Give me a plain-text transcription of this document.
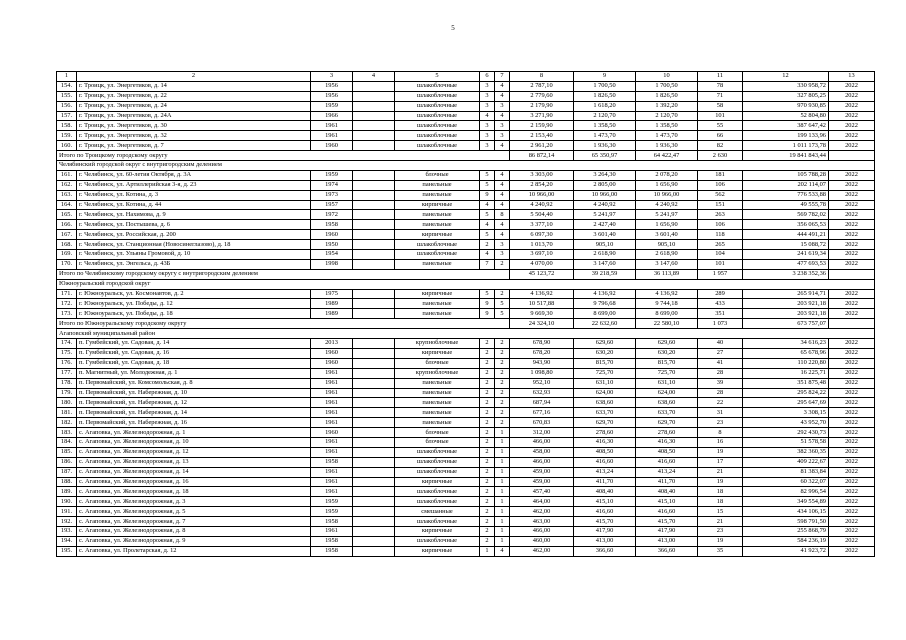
5
1	2	3	4	5	6	7	8	9	10	11	12	13
154.	г. Троицк, ул. Энергетиков, д. 14	1956		шлакоблочные	3	4	2 787,10	1 700,50	1 700,50	78	330 958,72	2022
155.	г. Троицк, ул. Энергетиков, д. 22	1956		шлакоблочные	3	4	2 779,60	1 826,50	1 826,50	71	327 805,25	2022
156.	г. Троицк, ул. Энергетиков, д. 24	1959		шлакоблочные	3	3	2 179,90	1 618,20	1 392,20	58	970 930,85	2022
157.	г. Троицк, ул. Энергетиков, д. 24А	1966		шлакоблочные	4	4	3 271,90	2 120,70	2 120,70	101	52 804,80	2022
158.	г. Троицк, ул. Энергетиков, д. 30	1961		шлакоблочные	3	3	2 159,90	1 358,50	1 358,50	55	387 647,42	2022
159.	г. Троицк, ул. Энергетиков, д. 32	1961		шлакоблочные	3	3	2 153,40	1 473,70	1 473,70	66	199 133,96	2022
160.	г. Троицк, ул. Энергетиков, д. 7	1960		шлакоблочные	3	4	2 961,20	1 936,30	1 936,30	82	1 011 173,78	2022
Итого по Троицкому городскому округу							86 872,14	65 350,97	64 422,47	2 630	19 841 843,44	
Челябинский городской округ с внутригородским делением												
161.	г. Челябинск, ул. 60-летия Октября, д. 3А	1959		блочные	5	4	3 303,00	3 264,30	2 078,20	181	105 788,28	2022
162.	г. Челябинск, ул. Артиллерийская 3-я, д. 23	1974		панельные	5	4	2 854,20	2 805,00	1 656,90	106	202 114,07	2022
163.	г. Челябинск, ул. Котина, д. 3	1973		панельные	9	4	10 966,00	10 966,00	10 966,00	562	776 533,88	2022
164.	г. Челябинск, ул. Котина, д. 44	1957		кирпичные	4	4	4 240,92	4 240,92	4 240,92	151	49 555,78	2022
165.	г. Челябинск, ул. Нахимова, д. 9	1972		панельные	5	8	5 504,40	5 241,97	5 241,97	263	569 782,02	2022
166.	г. Челябинск, ул. Постышева, д. 6	1958		панельные	4	4	3 377,10	2 427,40	1 656,90	106	356 065,53	2022
167.	г. Челябинск, ул. Российская, д. 200	1960		кирпичные	5	4	6 097,30	3 601,40	3 601,40	118	444 491,21	2022
168.	г. Челябинск, ул. Станционная (Новосинеглазово), д. 18	1950		шлакоблочные	2	3	1 013,70	905,10	905,10	265	15 088,72	2022
169.	г. Челябинск, ул. Ульяны Громовой, д. 10	1954		шлакоблочные	4	3	3 697,10	2 618,90	2 618,90	104	241 619,34	2022
170.	г. Челябинск, ул. Энгельса, д. 43Б	1998		панельные	7	2	4 070,00	3 147,60	3 147,60	101	477 693,53	2022
Итого по Челябинскому городскому округу с внутригородским делением							45 123,72	39 218,59	36 113,89	1 957	3 238 352,36	
Южноуральский городской округ												
171.	г. Южноуральск, ул. Космонавтов, д. 2	1975		кирпичные	5	2	4 136,92	4 136,92	4 136,92	289	265 914,71	2022
172.	г. Южноуральск, ул. Победы, д. 12	1989		панельные	9	5	10 517,88	9 796,68	9 744,18	433	203 921,18	2022
173.	г. Южноуральск, ул. Победы, д. 18	1989		панельные	9	5	9 669,30	8 699,00	8 699,00	351	203 921,18	2022
Итого по Южноуральскому городскому округу							24 324,10	22 632,60	22 580,10	1 073	673 757,07	
Агаповский муниципальный район												
174.	п. Гумбейский, ул. Садовая, д. 14	2013		крупноблочные	2	2	678,90	629,60	629,60	40	34 616,23	2022
175.	п. Гумбейский, ул. Садовая, д. 16	1960		кирпичные	2	2	678,20	630,20	630,20	27	65 678,96	2022
176.	п. Гумбейский, ул. Садовая, д. 18	1960		блочные	2	2	943,90	815,70	815,70	41	110 220,80	2022
177.	п. Магнитный, ул. Молодежная, д. 1	1961		крупноблочные	2	2	1 098,80	725,70	725,70	28	16 225,71	2022
178.	п. Первомайский, ул. Комсомольская, д. 8	1961		панельные	2	2	952,10	631,10	631,10	39	351 875,48	2022
179.	п. Первомайский, ул. Набережная, д. 10	1961		панельные	2	2	632,93	624,00	624,00	28	295 824,22	2022
180.	п. Первомайский, ул. Набережная, д. 12	1961		панельные	2	2	687,94	638,60	638,60	22	295 647,69	2022
181.	п. Первомайский, ул. Набережная, д. 14	1961		панельные	2	2	677,16	633,70	633,70	31	3 308,15	2022
182.	п. Первомайский, ул. Набережная, д. 16	1961		панельные	2	2	670,83	629,70	629,70	23	43 952,70	2022
183.	с. Агаповка, ул. Железнодорожная, д. 1	1960		блочные	2	1	312,00	278,60	278,60	8	292 430,73	2022
184.	с. Агаповка, ул. Железнодорожная, д. 10	1961		блочные	2	1	466,00	416,30	416,30	16	51 578,58	2022
185.	с. Агаповка, ул. Железнодорожная, д. 12	1961		шлакоблочные	2	1	458,00	408,50	408,50	19	382 360,35	2022
186.	с. Агаповка, ул. Железнодорожная, д. 13	1958		шлакоблочные	2	1	466,00	416,60	416,60	17	409 222,67	2022
187.	с. Агаповка, ул. Железнодорожная, д. 14	1961		шлакоблочные	2	1	459,00	413,24	413,24	21	81 383,84	2022
188.	с. Агаповка, ул. Железнодорожная, д. 16	1961		кирпичные	2	1	459,00	411,70	411,70	19	60 322,07	2022
189.	с. Агаповка, ул. Железнодорожная, д. 18	1961		шлакоблочные	2	1	457,40	408,40	408,40	18	82 996,54	2022
190.	с. Агаповка, ул. Железнодорожная, д. 3	1959		шлакоблочные	2	1	464,00	415,10	415,10	18	349 554,89	2022
191.	с. Агаповка, ул. Железнодорожная, д. 5	1959		смешанные	2	1	462,00	416,60	416,60	15	434 106,15	2022
192.	с. Агаповка, ул. Железнодорожная, д. 7	1958		шлакоблочные	2	1	463,00	415,70	415,70	21	598 791,50	2022
193.	с. Агаповка, ул. Железнодорожная, д. 8	1961		кирпичные	2	1	466,00	417,90	417,90	23	255 868,79	2022
194.	с. Агаповка, ул. Железнодорожная, д. 9	1958		шлакоблочные	2	1	460,00	413,00	413,00	19	584 236,19	2022
195.	с. Агаповка, ул. Пролетарская, д. 12	1958		кирпичные	1	4	462,00	366,60	366,60	35	41 923,72	2022
